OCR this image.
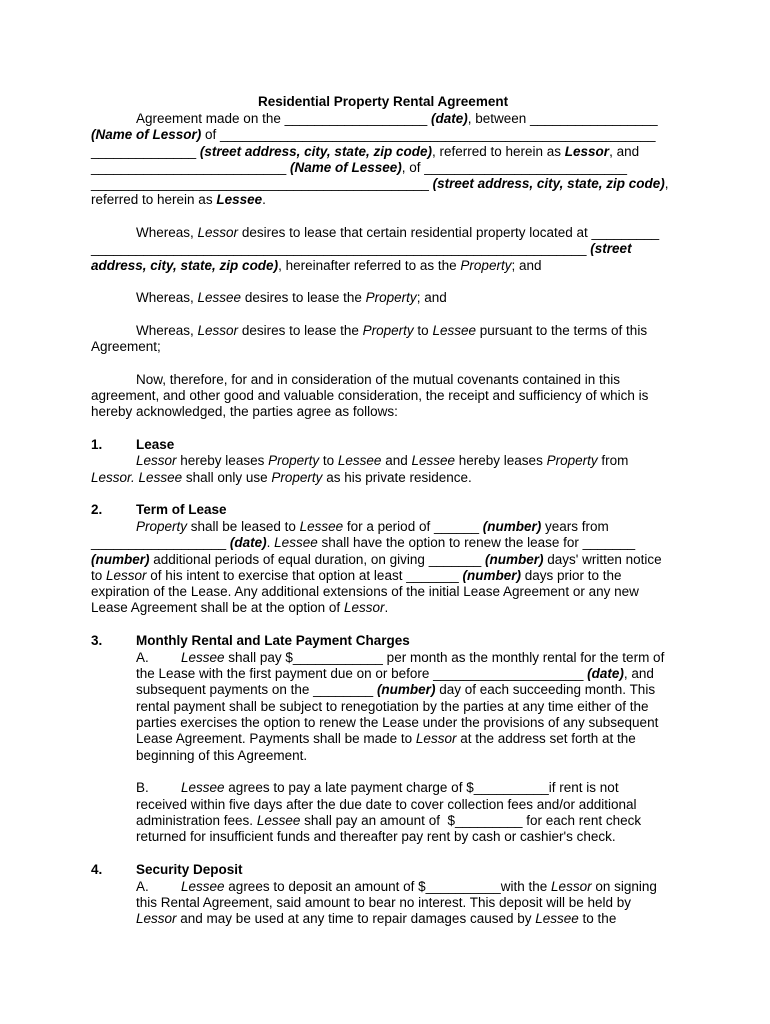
Residential Property Rental Agreement
Agreement made on the ___________________ (date), between _________________
(Name of Lessor) of __________________________________________________________
______________ (street address, city, state, zip code), referred to herein as Lessor, and
__________________________ (Name of Lessee), of ___________________________
_____________________________________________ (street address, city, state, zip code),
referred to herein as Lessee.
Whereas, Lessor desires to lease that certain residential property located at _________
__________________________________________________________________ (street
address, city, state, zip code), hereinafter referred to as the Property; and
Whereas, Lessee desires to lease the Property; and
Whereas, Lessor desires to lease the Property to Lessee pursuant to the terms of this
Agreement;
Now, therefore, for and in consideration of the mutual covenants contained in this
agreement, and other good and valuable consideration, the receipt and sufficiency of which is
hereby acknowledged, the parties agree as follows:
1. Lease
Lessor hereby leases Property to Lessee and Lessee hereby leases Property from
Lessor. Lessee shall only use Property as his private residence.
2. Term of Lease
Property shall be leased to Lessee for a period of ______ (number) years from
__________________ (date). Lessee shall have the option to renew the lease for _______
(number) additional periods of equal duration, on giving _______ (number) days' written notice
to Lessor of his intent to exercise that option at least _______ (number) days prior to the
expiration of the Lease. Any additional extensions of the initial Lease Agreement or any new
Lease Agreement shall be at the option of Lessor.
3. Monthly Rental and Late Payment Charges
A. Lessee shall pay $____________ per month as the monthly rental for the term of
the Lease with the first payment due on or before ____________________ (date), and
subsequent payments on the ________ (number) day of each succeeding month. This
rental payment shall be subject to renegotiation by the parties at any time either of the
parties exercises the option to renew the Lease under the provisions of any subsequent
Lease Agreement. Payments shall be made to Lessor at the address set forth at the
beginning of this Agreement.
B. Lessee agrees to pay a late payment charge of $__________if rent is not
received within five days after the due date to cover collection fees and/or additional
administration fees. Lessee shall pay an amount of  $_________ for each rent check
returned for insufficient funds and thereafter pay rent by cash or cashier's check.
4. Security Deposit
A. Lessee agrees to deposit an amount of $__________with the Lessor on signing
this Rental Agreement, said amount to bear no interest. This deposit will be held by
Lessor and may be used at any time to repair damages caused by Lessee to the
